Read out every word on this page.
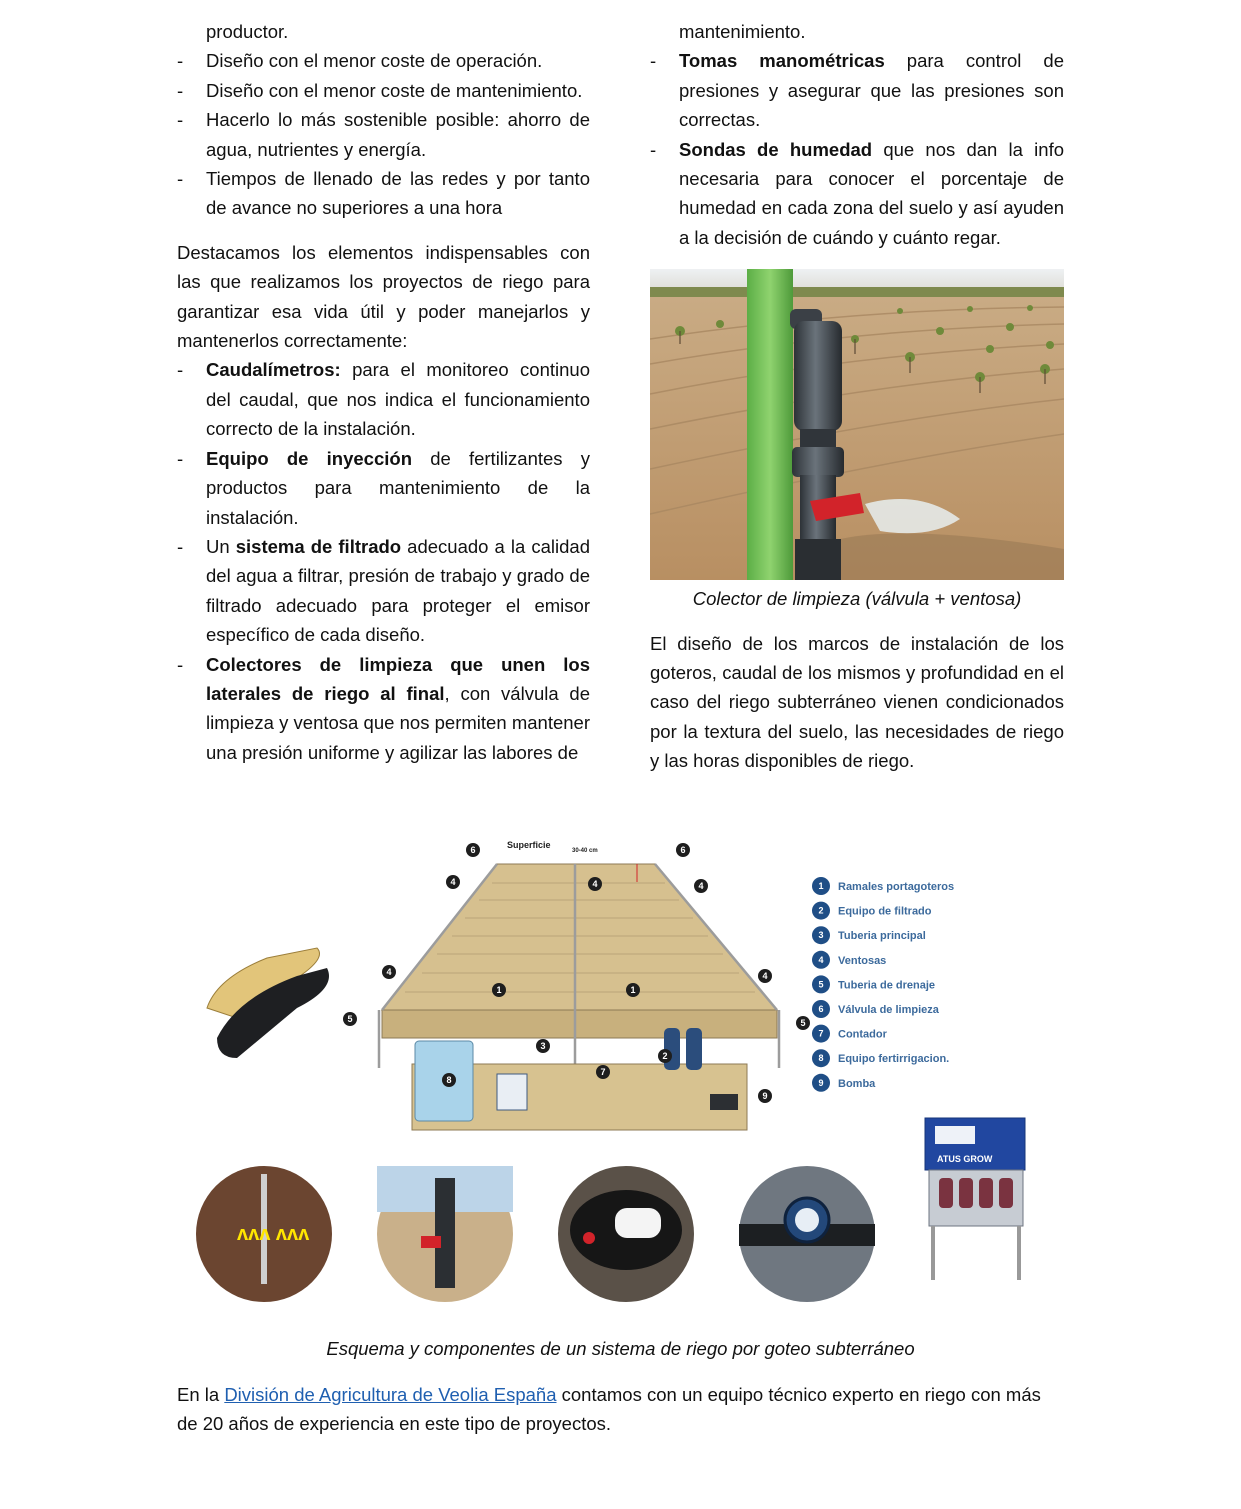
productor.
- Diseño con el menor coste de operación.
- Diseño con el menor coste de mantenimiento.
- Hacerlo lo más sostenible posible: ahorro de agua, nutrientes y energía.
- Tiempos de llenado de las redes y por tanto de avance no superiores a una hora

Destacamos los elementos indispensables con las que realizamos los proyectos de riego para garantizar esa vida útil y poder manejarlos y mantenerlos correctamente:

- Caudalímetros: para el monitoreo continuo del caudal, que nos indica el funcionamiento correcto de la instalación.
- Equipo de inyección de fertilizantes y productos para mantenimiento de la instalación.
- Un sistema de filtrado adecuado a la calidad del agua a filtrar, presión de trabajo y grado de filtrado adecuado para proteger el emisor específico de cada diseño.
- Colectores de limpieza que unen los laterales de riego al final, con válvula de limpieza y ventosa que nos permiten mantener una presión uniforme y agilizar las labores de
mantenimiento.
- Tomas manométricas para control de presiones y asegurar que las presiones son correctas.
- Sondas de humedad que nos dan la info necesaria para conocer el porcentaje de humedad en cada zona del suelo y así ayuden a la decisión de cuándo y cuánto regar.
Colector de limpieza (válvula + ventosa)

El diseño de los marcos de instalación de los goteros, caudal de los mismos y profundidad en el caso del riego subterráneo vienen condicionados por la textura del suelo, las necesidades de riego y las horas disponibles de riego.

Superficie
30-40 cm
ATUS GROW
ʌʌʌ ʌʌʌ
1 Ramales portagoteros
2 Equipo de filtrado
3 Tuberia principal
4 Ventosas
5 Tuberia de drenaje
6 Válvula de limpieza
7 Contador
8 Equipo fertirrigacion.
9 Bomba
6	6
4	4	4
4	4
1	1
5	5
3
7
8
9
2
Esquema y componentes de un sistema de riego por goteo subterráneo

En la División de Agricultura de Veolia España contamos con un equipo técnico experto en riego con más de 20 años de experiencia en este tipo de proyectos.
